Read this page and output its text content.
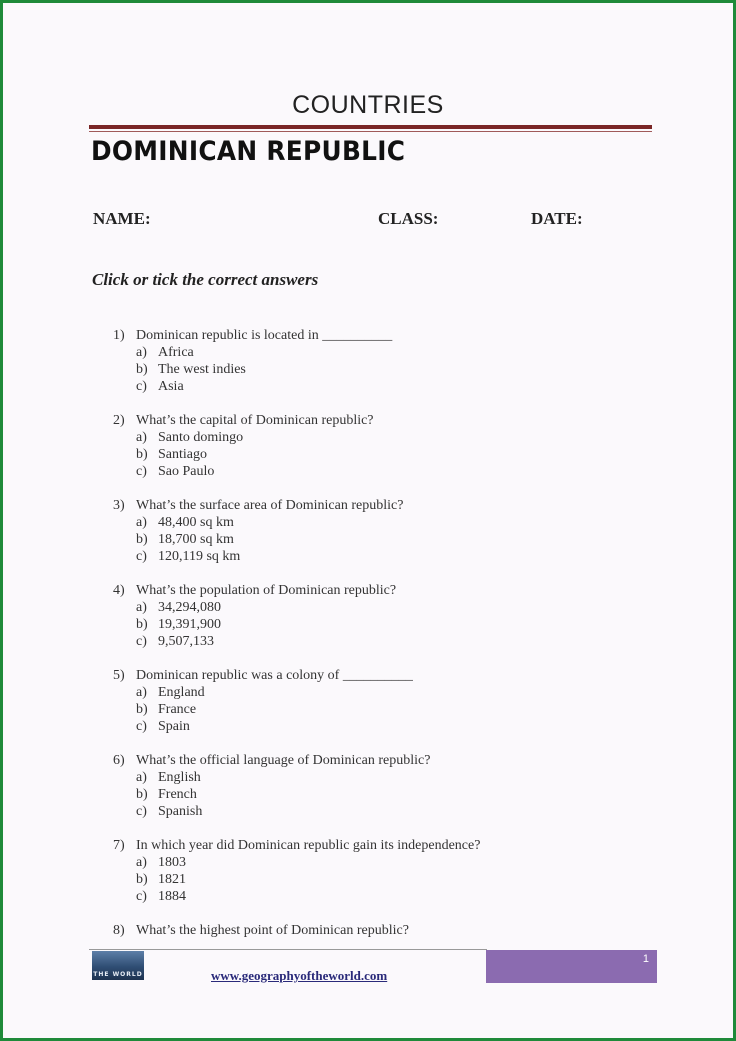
COUNTRIES
DOMINICAN REPUBLIC
NAME:	CLASS:	DATE:
Click or tick the correct answers
1) Dominican republic is located in __________
a) Africa
b) The west indies
c) Asia
2) What’s the capital of Dominican republic?
a) Santo domingo
b) Santiago
c) Sao Paulo
3) What’s the surface area of Dominican republic?
a) 48,400 sq km
b) 18,700 sq km
c) 120,119 sq km
4) What’s the population of Dominican republic?
a) 34,294,080
b) 19,391,900
c) 9,507,133
5) Dominican republic was a colony of __________
a) England
b) France
c) Spain
6) What’s the official language of Dominican republic?
a) English
b) French
c) Spanish
7) In which year did Dominican republic gain its independence?
a) 1803
b) 1821
c) 1884
8) What’s the highest point of Dominican republic?
THE WORLD	www.geographyoftheworld.com
1
